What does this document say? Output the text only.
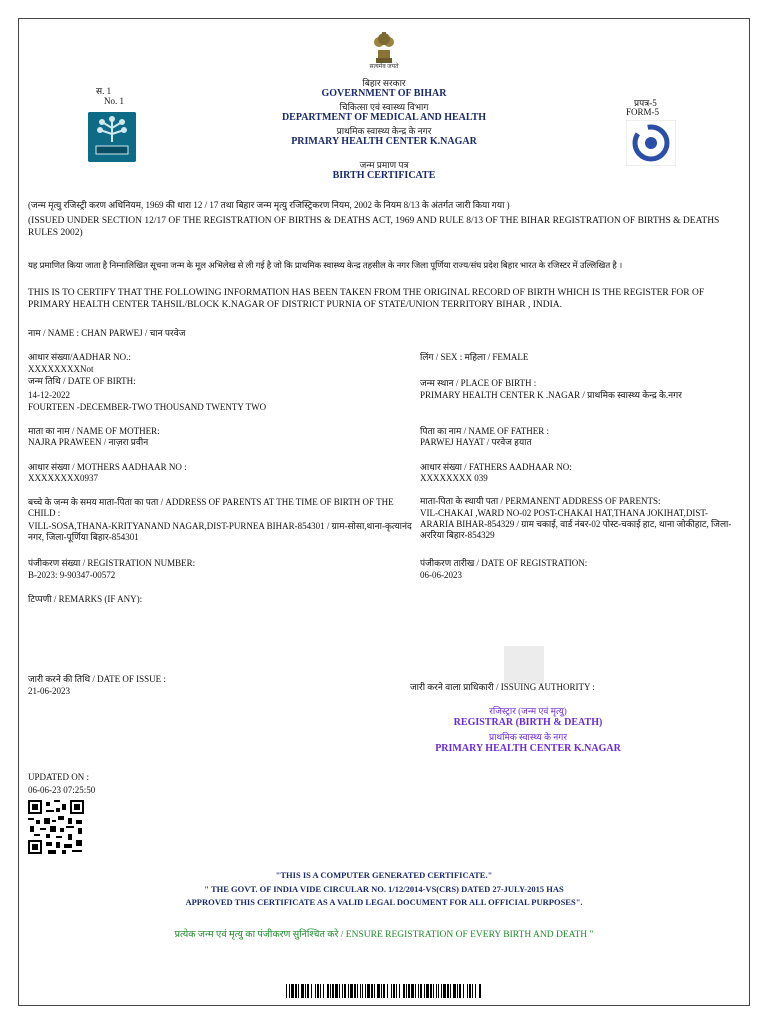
सत्यमेव जयते
बिहार सरकार
GOVERNMENT OF BIHAR
चिकित्सा एवं स्वास्थ्य विभाग
DEPARTMENT OF MEDICAL AND HEALTH
प्राथमिक स्वास्थ्य केन्द्र के नगर
PRIMARY HEALTH CENTER K.NAGAR
जन्म प्रमाण पत्र
BIRTH CERTIFICATE
स. 1
No. 1	प्रपत्र-5
FORM-5
(जन्म मृत्यु रजिस्ट्री करण अधिनियम, 1969 की धारा 12 / 17 तथा बिहार जन्म मृत्यु रजिस्ट्रिकरण नियम, 2002 के नियम 8/13 के अंतर्गत जारी किया गया )
(ISSUED UNDER SECTION 12/17 OF THE REGISTRATION OF BIRTHS & DEATHS ACT, 1969 AND RULE 8/13 OF THE BIHAR REGISTRATION OF BIRTHS & DEATHS RULES 2002)
यह प्रमाणित किया जाता है निम्नालिखित सूचना जन्म के मूल अभिलेख से ली गई है जो कि प्राथमिक स्वास्थ्य केन्द्र तहसील के नगर जिला पूर्णिया राज्य/संघ प्रदेश बिहार भारत के रजिस्टर में उल्लिखित है ।
THIS IS TO CERTIFY THAT THE FOLLOWING INFORMATION HAS BEEN TAKEN FROM THE ORIGINAL RECORD OF BIRTH WHICH IS THE REGISTER FOR OF PRIMARY HEALTH CENTER TAHSIL/BLOCK K.NAGAR OF DISTRICT PURNIA OF STATE/UNION TERRITORY BIHAR , INDIA.
नाम / NAME : CHAN PARWEJ / चान परवेज
आधार संख्या/AADHAR NO.:
XXXXXXXXNot
जन्म तिथि / DATE OF BIRTH:
14-12-2022
FOURTEEN -DECEMBER-TWO THOUSAND TWENTY TWO
माता का नाम / NAME OF MOTHER:
NAJRA PRAWEEN / नाज़रा प्रवीन
आधार संख्या / MOTHERS AADHAAR NO :
XXXXXXXX0937
बच्चे के जन्म के समय माता-पिता का पता / ADDRESS OF PARENTS AT THE TIME OF BIRTH OF THE CHILD :
VILL-SOSA,THANA-KRITYANAND NAGAR,DIST-PURNEA BIHAR-854301 / ग्राम-सोसा,थाना-कृत्यानंद नगर, जिला-पूर्णिया बिहार-854301
पंजीकरण संख्या / REGISTRATION NUMBER:
B-2023: 9-90347-00572
टिप्पणी / REMARKS (IF ANY):
लिंग / SEX : महिला / FEMALE
जन्म स्थान / PLACE OF BIRTH :
PRIMARY HEALTH CENTER K .NAGAR / प्राथमिक स्वास्थ्य केन्द्र के.नगर
पिता का नाम / NAME OF FATHER :
PARWEJ HAYAT / परवेज हयात
आधार संख्या / FATHERS AADHAAR NO:
XXXXXXXX 039
माता-पिता के स्थायी पता / PERMANENT ADDRESS OF PARENTS:
VIL-CHAKAI ,WARD NO-02 POST-CHAKAI HAT,THANA JOKIHAT,DIST-ARARIA BIHAR-854329 / ग्राम चकाई, वार्ड नंबर-02 पोस्ट-चकाई हाट, थाना जोकीहाट, जिला-अररिया बिहार-854329
पंजीकरण तारीख / DATE OF REGISTRATION:
06-06-2023
जारी करने की तिथि / DATE OF ISSUE :
21-06-2023	जारी करने वाला प्राधिकारी / ISSUING AUTHORITY :
रजिस्ट्रार (जन्म एवं मृत्यु)
REGISTRAR (BIRTH & DEATH)
प्राथमिक स्वास्थ्य के नगर
PRIMARY HEALTH CENTER K.NAGAR
UPDATED ON :
06-06-23 07:25:50
"THIS IS A COMPUTER GENERATED CERTIFICATE."
" THE GOVT. OF INDIA VIDE CIRCULAR NO. 1/12/2014-VS(CRS) DATED 27-JULY-2015 HAS
APPROVED THIS CERTIFICATE AS A VALID LEGAL DOCUMENT FOR ALL OFFICIAL PURPOSES".
प्रत्येक जन्म एवं मृत्यु का पंजीकरण सुनिश्चित करे / ENSURE REGISTRATION OF EVERY BIRTH AND DEATH "
